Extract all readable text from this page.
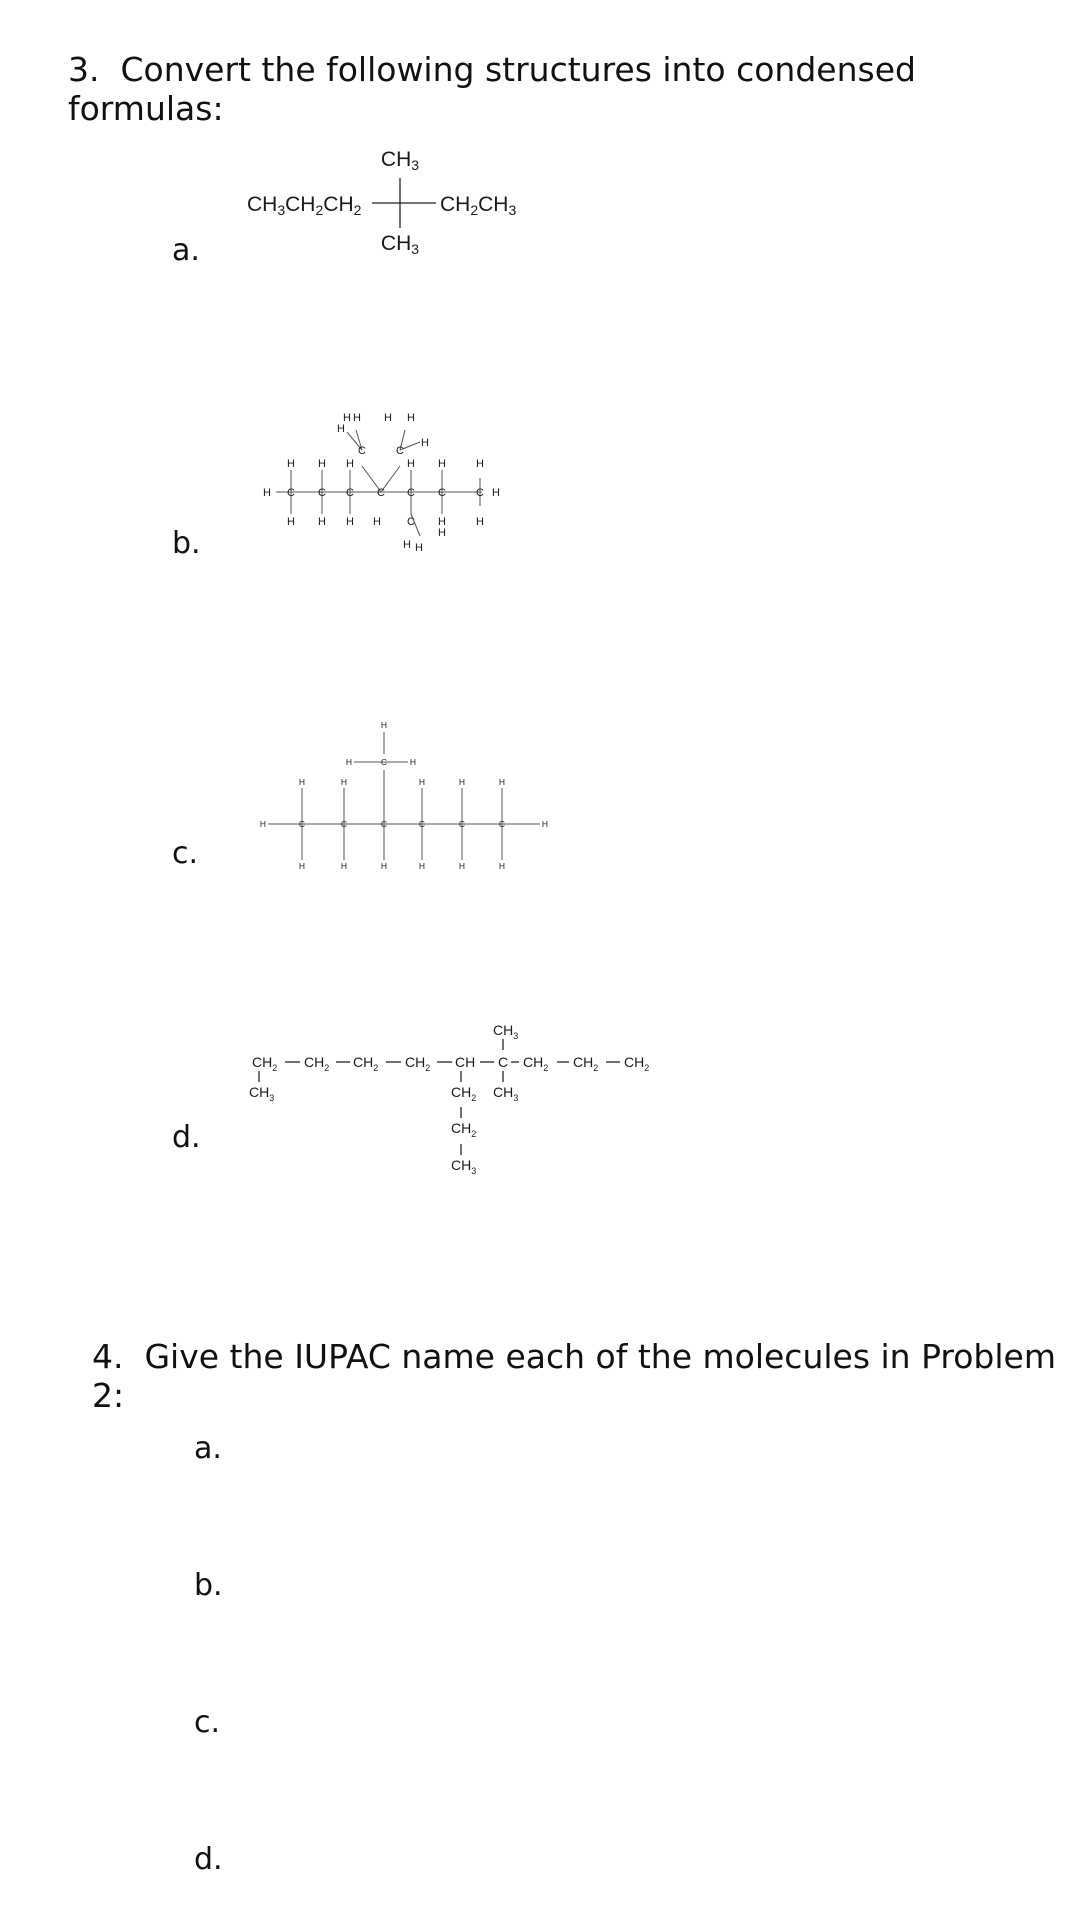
3. Convert the following structures into condensed formulas:
a.
b.
c.
d.
CH3
CH3CH2CH2	CH2CH3
CH3
H C C C C C C	C H
H H H	H H	H
H H H H C H	H
C	C
H
H H H H
H
H
H H
H	C	C	C	C	C	C	H
H	H	H	H	H
H	H	H	H	H	H
H	C	H
H
$CH_2$ $CH_2$ $CH_2$ $CH_2$ CH C $CH_2$ $CH_2$ $CH_2$
$CH_3$	$CH_2$
$CH_2$
$CH_3$
$CH_3$
$CH_3$
4. Give the IUPAC name each of the molecules in Problem 2:
a.
b.
c.
d.
